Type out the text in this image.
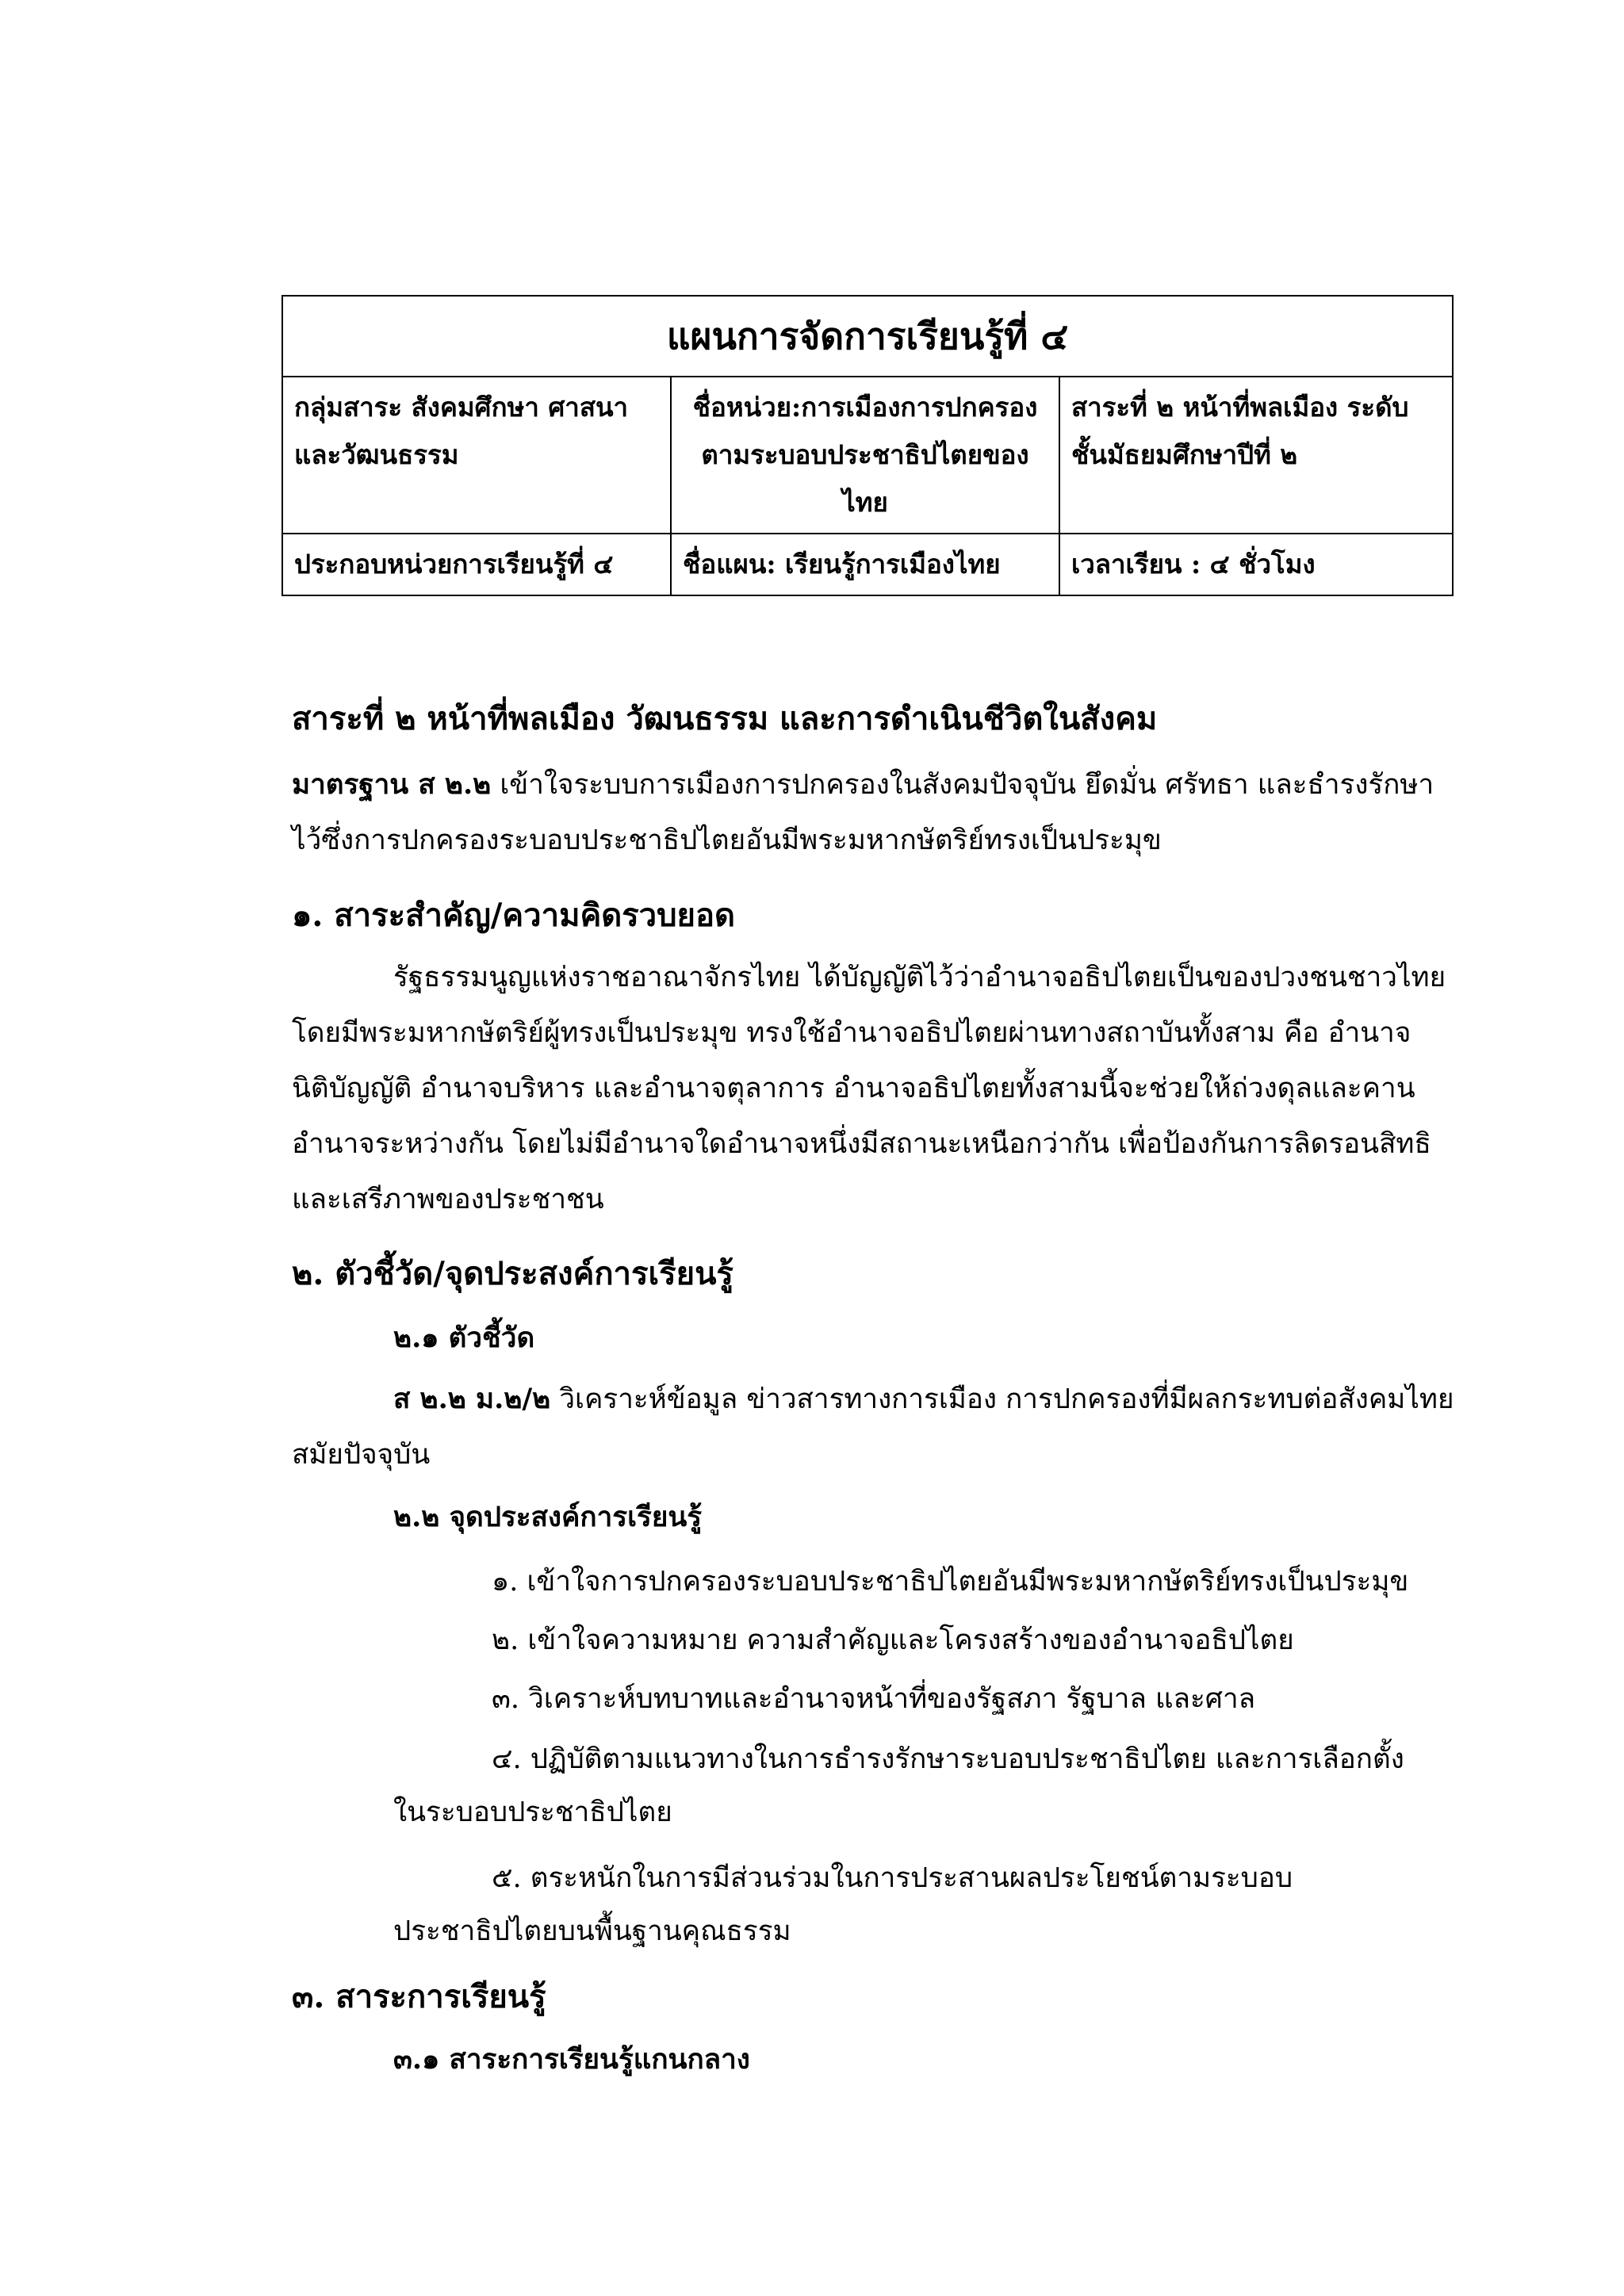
แผนการจัดการเรียนรู้ที่ ๔		
กลุ่มสาระ สังคมศึกษา ศาสนาและวัฒนธรรม	ชื่อหน่วย:การเมืองการปกครองตามระบอบประชาธิปไตยของไทย	สาระที่ ๒ หน้าที่พลเมือง ระดับชั้นมัธยมศึกษาปีที่ ๒
ประกอบหน่วยการเรียนรู้ที่ ๔	ชื่อแผน: เรียนรู้การเมืองไทย	เวลาเรียน : ๔ ชั่วโมง
สาระที่ ๒ หน้าที่พลเมือง วัฒนธรรม และการดำเนินชีวิตในสังคม
มาตรฐาน ส ๒.๒ เข้าใจระบบการเมืองการปกครองในสังคมปัจจุบัน ยึดมั่น ศรัทธา และธำรงรักษาไว้ซึ่งการปกครองระบอบประชาธิปไตยอันมีพระมหากษัตริย์ทรงเป็นประมุข
๑. สาระสำคัญ/ความคิดรวบยอด
รัฐธรรมนูญแห่งราชอาณาจักรไทย ได้บัญญัติไว้ว่าอำนาจอธิปไตยเป็นของปวงชนชาวไทย โดยมีพระมหากษัตริย์ผู้ทรงเป็นประมุข ทรงใช้อำนาจอธิปไตยผ่านทางสถาบันทั้งสาม คือ อำนาจนิติบัญญัติ อำนาจบริหาร และอำนาจตุลาการ อำนาจอธิปไตยทั้งสามนี้จะช่วยให้ถ่วงดุลและคานอำนาจระหว่างกัน โดยไม่มีอำนาจใดอำนาจหนึ่งมีสถานะเหนือกว่ากัน เพื่อป้องกันการลิดรอนสิทธิและเสรีภาพของประชาชน
๒. ตัวชี้วัด/จุดประสงค์การเรียนรู้
๒.๑ ตัวชี้วัด
ส ๒.๒ ม.๒/๒ วิเคราะห์ข้อมูล ข่าวสารทางการเมือง การปกครองที่มีผลกระทบต่อสังคมไทยสมัยปัจจุบัน
๒.๒ จุดประสงค์การเรียนรู้
๑. เข้าใจการปกครองระบอบประชาธิปไตยอันมีพระมหากษัตริย์ทรงเป็นประมุข
๒. เข้าใจความหมาย ความสำคัญและโครงสร้างของอำนาจอธิปไตย
๓. วิเคราะห์บทบาทและอำนาจหน้าที่ของรัฐสภา รัฐบาล และศาล
๔. ปฏิบัติตามแนวทางในการธำรงรักษาระบอบประชาธิปไตย และการเลือกตั้ง
ในระบอบประชาธิปไตย
๕. ตระหนักในการมีส่วนร่วมในการประสานผลประโยชน์ตามระบอบ
ประชาธิปไตยบนพื้นฐานคุณธรรม
๓. สาระการเรียนรู้
๓.๑ สาระการเรียนรู้แกนกลาง
